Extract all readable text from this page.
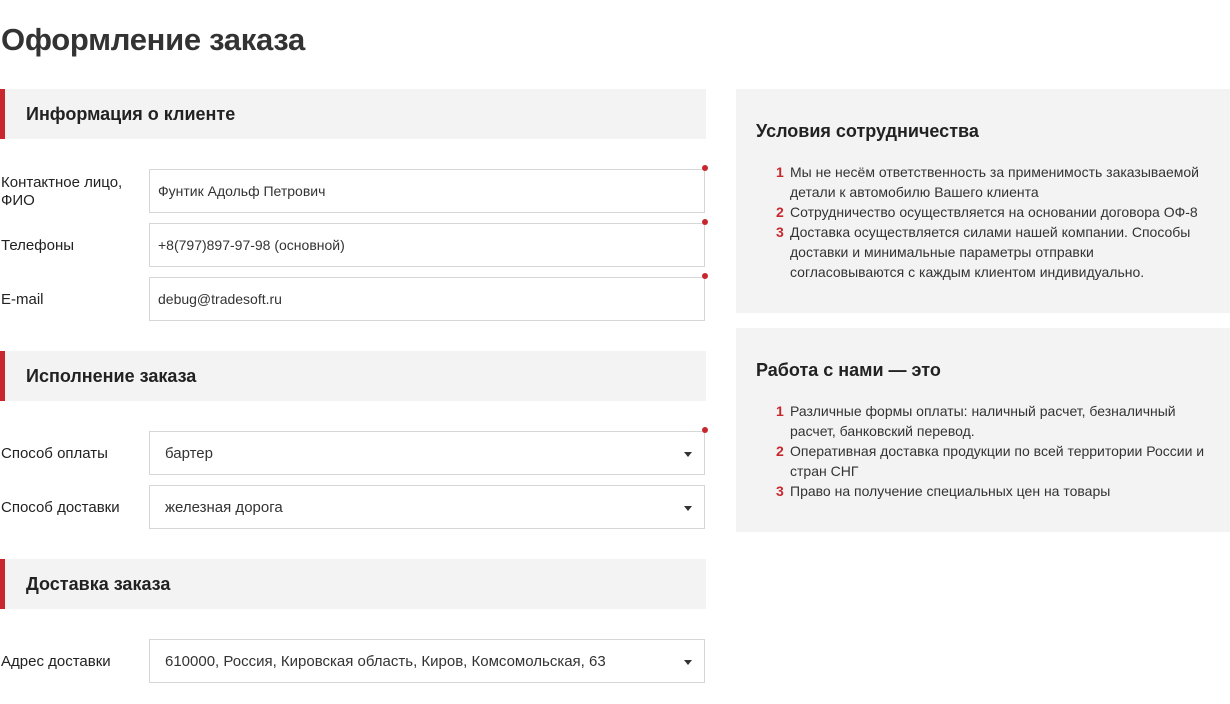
Оформление заказа
Информация о клиенте
Контактное лицо, ФИО
Фунтик Адольф Петрович
Телефоны	+8(797)897-97-98 (основной)
E-mail	debug@tradesoft.ru
Исполнение заказа
Способ оплаты	бартер
Способ доставки	железная дорога
Доставка заказа
Адрес доставки	610000, Россия, Кировская область, Киров, Комсомольская, 63
Условия сотрудничества
1 Мы не несём ответственность за применимость заказываемой детали к автомобилю Вашего клиента
2 Сотрудничество осуществляется на основании договора ОФ-8
3 Доставка осуществляется силами нашей компании. Способы доставки и минимальные параметры отправки согласовываются с каждым клиентом индивидуально.
Работа с нами — это
1 Различные формы оплаты: наличный расчет, безналичный расчет, банковский перевод.
2 Оперативная доставка продукции по всей территории России и стран СНГ
3 Право на получение специальных цен на товары
